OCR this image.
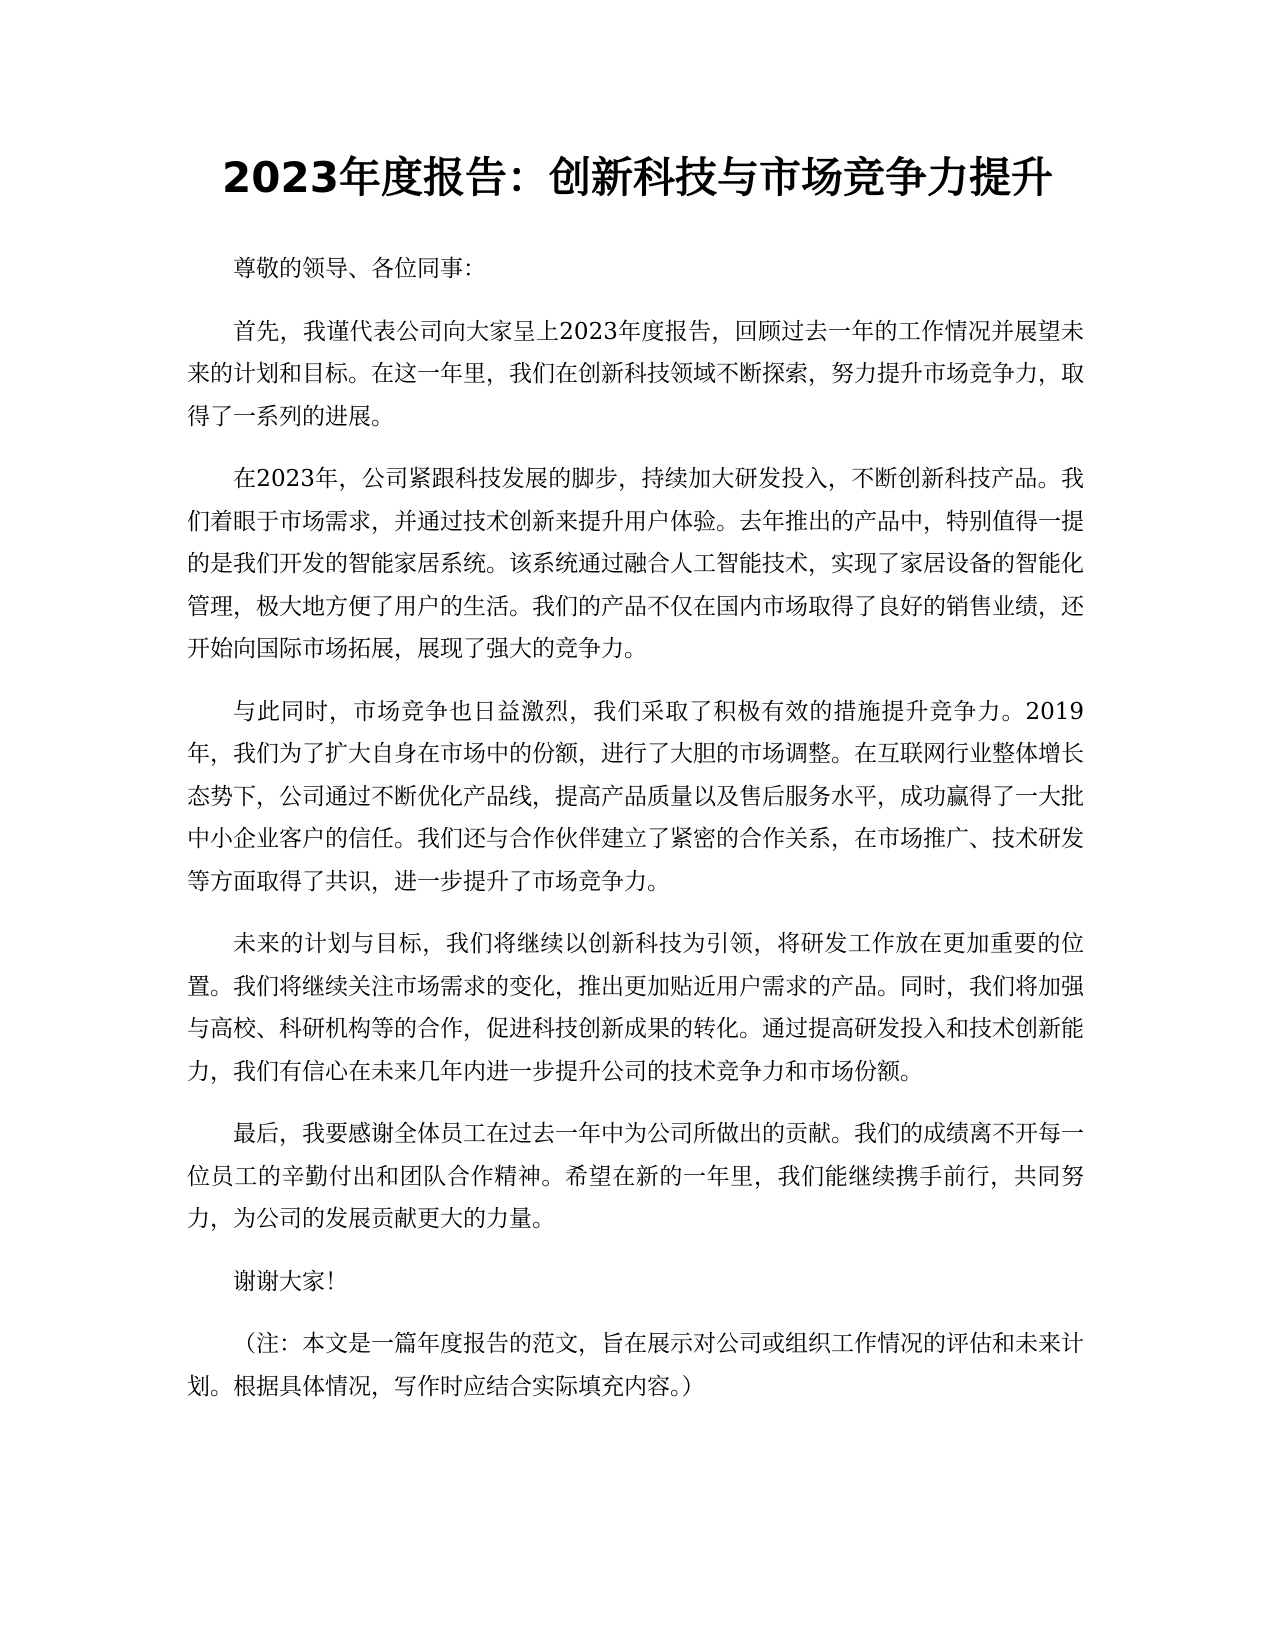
2023年度报告：创新科技与市场竞争力提升

尊敬的领导、各位同事：

首先，我谨代表公司向大家呈上2023年度报告，回顾过去一年的工作情况并展望未来的计划和目标。在这一年里，我们在创新科技领域不断探索，努力提升市场竞争力，取得了一系列的进展。

在2023年，公司紧跟科技发展的脚步，持续加大研发投入，不断创新科技产品。我们着眼于市场需求，并通过技术创新来提升用户体验。去年推出的产品中，特别值得一提的是我们开发的智能家居系统。该系统通过融合人工智能技术，实现了家居设备的智能化管理，极大地方便了用户的生活。我们的产品不仅在国内市场取得了良好的销售业绩，还开始向国际市场拓展，展现了强大的竞争力。

与此同时，市场竞争也日益激烈，我们采取了积极有效的措施提升竞争力。2019年，我们为了扩大自身在市场中的份额，进行了大胆的市场调整。在互联网行业整体增长态势下，公司通过不断优化产品线，提高产品质量以及售后服务水平，成功赢得了一大批中小企业客户的信任。我们还与合作伙伴建立了紧密的合作关系，在市场推广、技术研发等方面取得了共识，进一步提升了市场竞争力。

未来的计划与目标，我们将继续以创新科技为引领，将研发工作放在更加重要的位置。我们将继续关注市场需求的变化，推出更加贴近用户需求的产品。同时，我们将加强与高校、科研机构等的合作，促进科技创新成果的转化。通过提高研发投入和技术创新能力，我们有信心在未来几年内进一步提升公司的技术竞争力和市场份额。

最后，我要感谢全体员工在过去一年中为公司所做出的贡献。我们的成绩离不开每一位员工的辛勤付出和团队合作精神。希望在新的一年里，我们能继续携手前行，共同努力，为公司的发展贡献更大的力量。

谢谢大家！

（注：本文是一篇年度报告的范文，旨在展示对公司或组织工作情况的评估和未来计划。根据具体情况，写作时应结合实际填充内容。）
